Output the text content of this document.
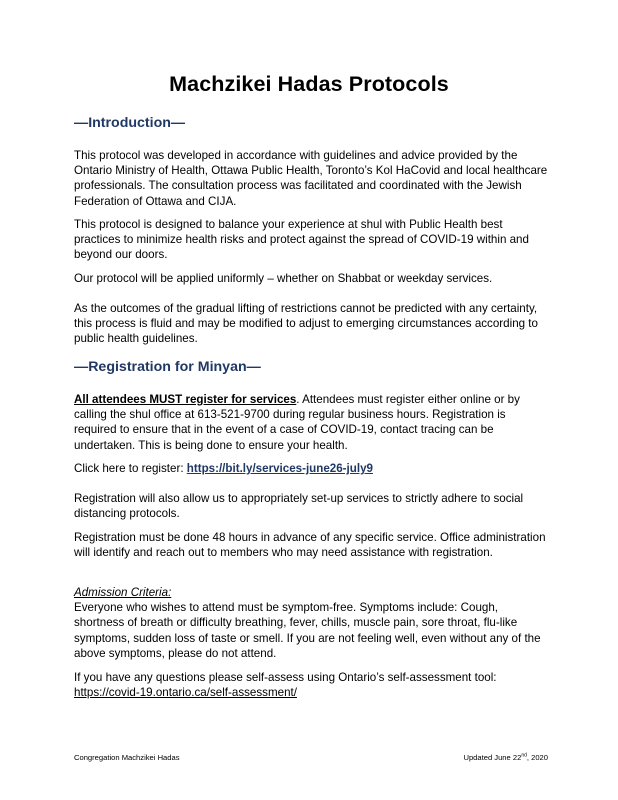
Machzikei Hadas Protocols
—Introduction—

This protocol was developed in accordance with guidelines and advice provided by the Ontario Ministry of Health, Ottawa Public Health, Toronto’s Kol HaCovid and local healthcare professionals. The consultation process was facilitated and coordinated with the Jewish Federation of Ottawa and CIJA.

This protocol is designed to balance your experience at shul with Public Health best practices to minimize health risks and protect against the spread of COVID-19 within and beyond our doors.

Our protocol will be applied uniformly – whether on Shabbat or weekday services.

As the outcomes of the gradual lifting of restrictions cannot be predicted with any certainty, this process is fluid and may be modified to adjust to emerging circumstances according to public health guidelines.

—Registration for Minyan—

All attendees MUST register for services. Attendees must register either online or by calling the shul office at 613-521-9700 during regular business hours. Registration is required to ensure that in the event of a case of COVID-19, contact tracing can be undertaken. This is being done to ensure your health.

Click here to register: https://bit.ly/services-june26-july9

Registration will also allow us to appropriately set-up services to strictly adhere to social distancing protocols.

Registration must be done 48 hours in advance of any specific service. Office administration will identify and reach out to members who may need assistance with registration.

Admission Criteria:

Everyone who wishes to attend must be symptom-free. Symptoms include: Cough, shortness of breath or difficulty breathing, fever, chills, muscle pain, sore throat, flu-like symptoms, sudden loss of taste or smell. If you are not feeling well, even without any of the above symptoms, please do not attend.

If you have any questions please self-assess using Ontario’s self-assessment tool:

https://covid-19.ontario.ca/self-assessment/

Congregation Machzikei Hadas	Updated June 22nd, 2020
